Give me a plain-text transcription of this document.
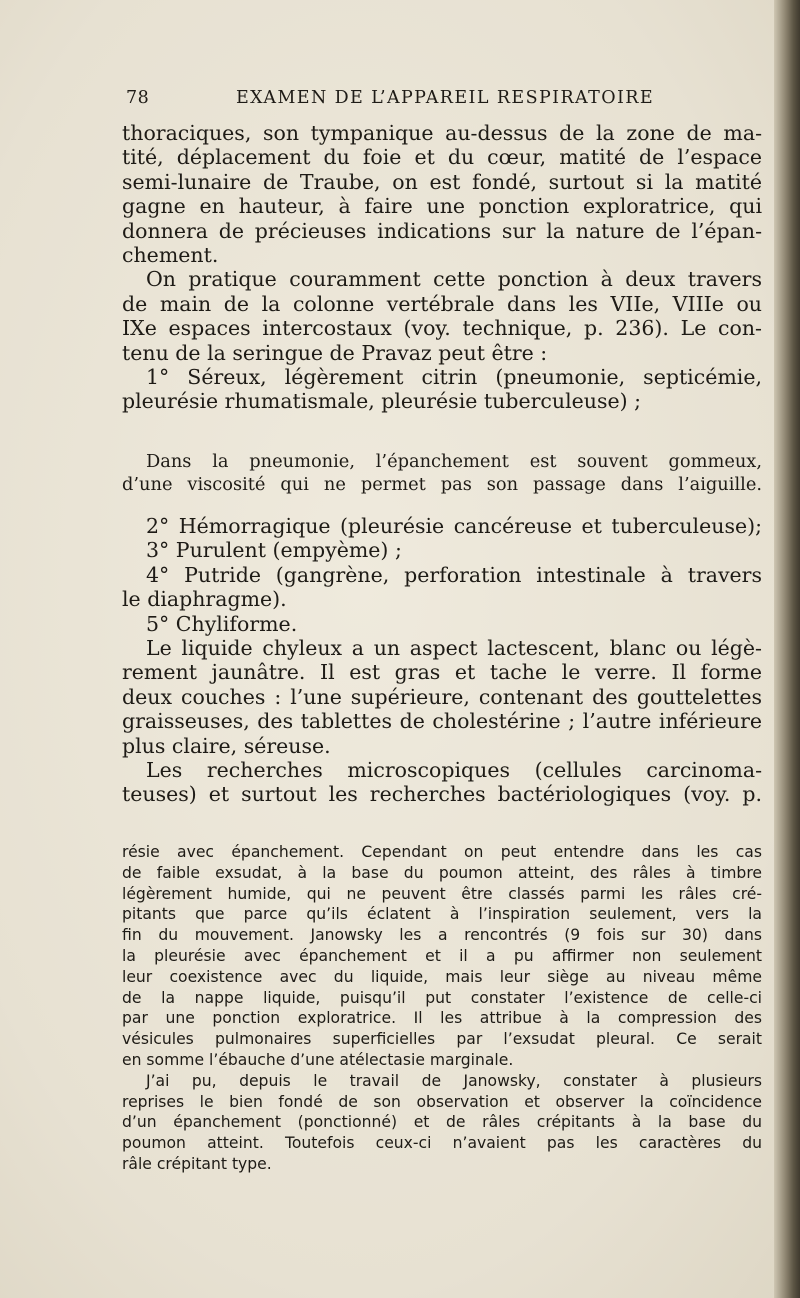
78	EXAMEN DE L’APPAREIL RESPIRATOIRE
thoraciques, son tympanique au-dessus de la zone de ma-
tité, déplacement du foie et du cœur, matité de l’espace
semi-lunaire de Traube, on est fondé, surtout si la matité
gagne en hauteur, à faire une ponction exploratrice, qui
donnera de précieuses indications sur la nature de l’épan-
chement.
On pratique couramment cette ponction à deux travers
de main de la colonne vertébrale dans les VIIe, VIIIe ou
IXe espaces intercostaux (voy. technique, p. 236). Le con-
tenu de la seringue de Pravaz peut être :
1° Séreux, légèrement citrin (pneumonie, septicémie,
pleurésie rhumatismale, pleurésie tuberculeuse) ;
Dans la pneumonie, l’épanchement est souvent gommeux,
d’une viscosité qui ne permet pas son passage dans l’aiguille.
2° Hémorragique (pleurésie cancéreuse et tuberculeuse);
3° Purulent (empyème) ;
4° Putride (gangrène, perforation intestinale à travers
le diaphragme).
5° Chyliforme.
Le liquide chyleux a un aspect lactescent, blanc ou légè-
rement jaunâtre. Il est gras et tache le verre. Il forme
deux couches : l’une supérieure, contenant des gouttelettes
graisseuses, des tablettes de cholestérine ; l’autre inférieure
plus claire, séreuse.
Les recherches microscopiques (cellules carcinoma-
teuses) et surtout les recherches bactériologiques (voy. p.
résie avec épanchement. Cependant on peut entendre dans les cas
de faible exsudat, à la base du poumon atteint, des râles à timbre
légèrement humide, qui ne peuvent être classés parmi les râles cré-
pitants que parce qu’ils éclatent à l’inspiration seulement, vers la
fin du mouvement. Janowsky les a rencontrés (9 fois sur 30) dans
la pleurésie avec épanchement et il a pu affirmer non seulement
leur coexistence avec du liquide, mais leur siège au niveau même
de la nappe liquide, puisqu’il put constater l’existence de celle-ci
par une ponction exploratrice. Il les attribue à la compression des
vésicules pulmonaires superficielles par l’exsudat pleural. Ce serait
en somme l’ébauche d’une atélectasie marginale.
J’ai pu, depuis le travail de Janowsky, constater à plusieurs
reprises le bien fondé de son observation et observer la coïncidence
d’un épanchement (ponctionné) et de râles crépitants à la base du
poumon atteint. Toutefois ceux-ci n’avaient pas les caractères du
râle crépitant type.
